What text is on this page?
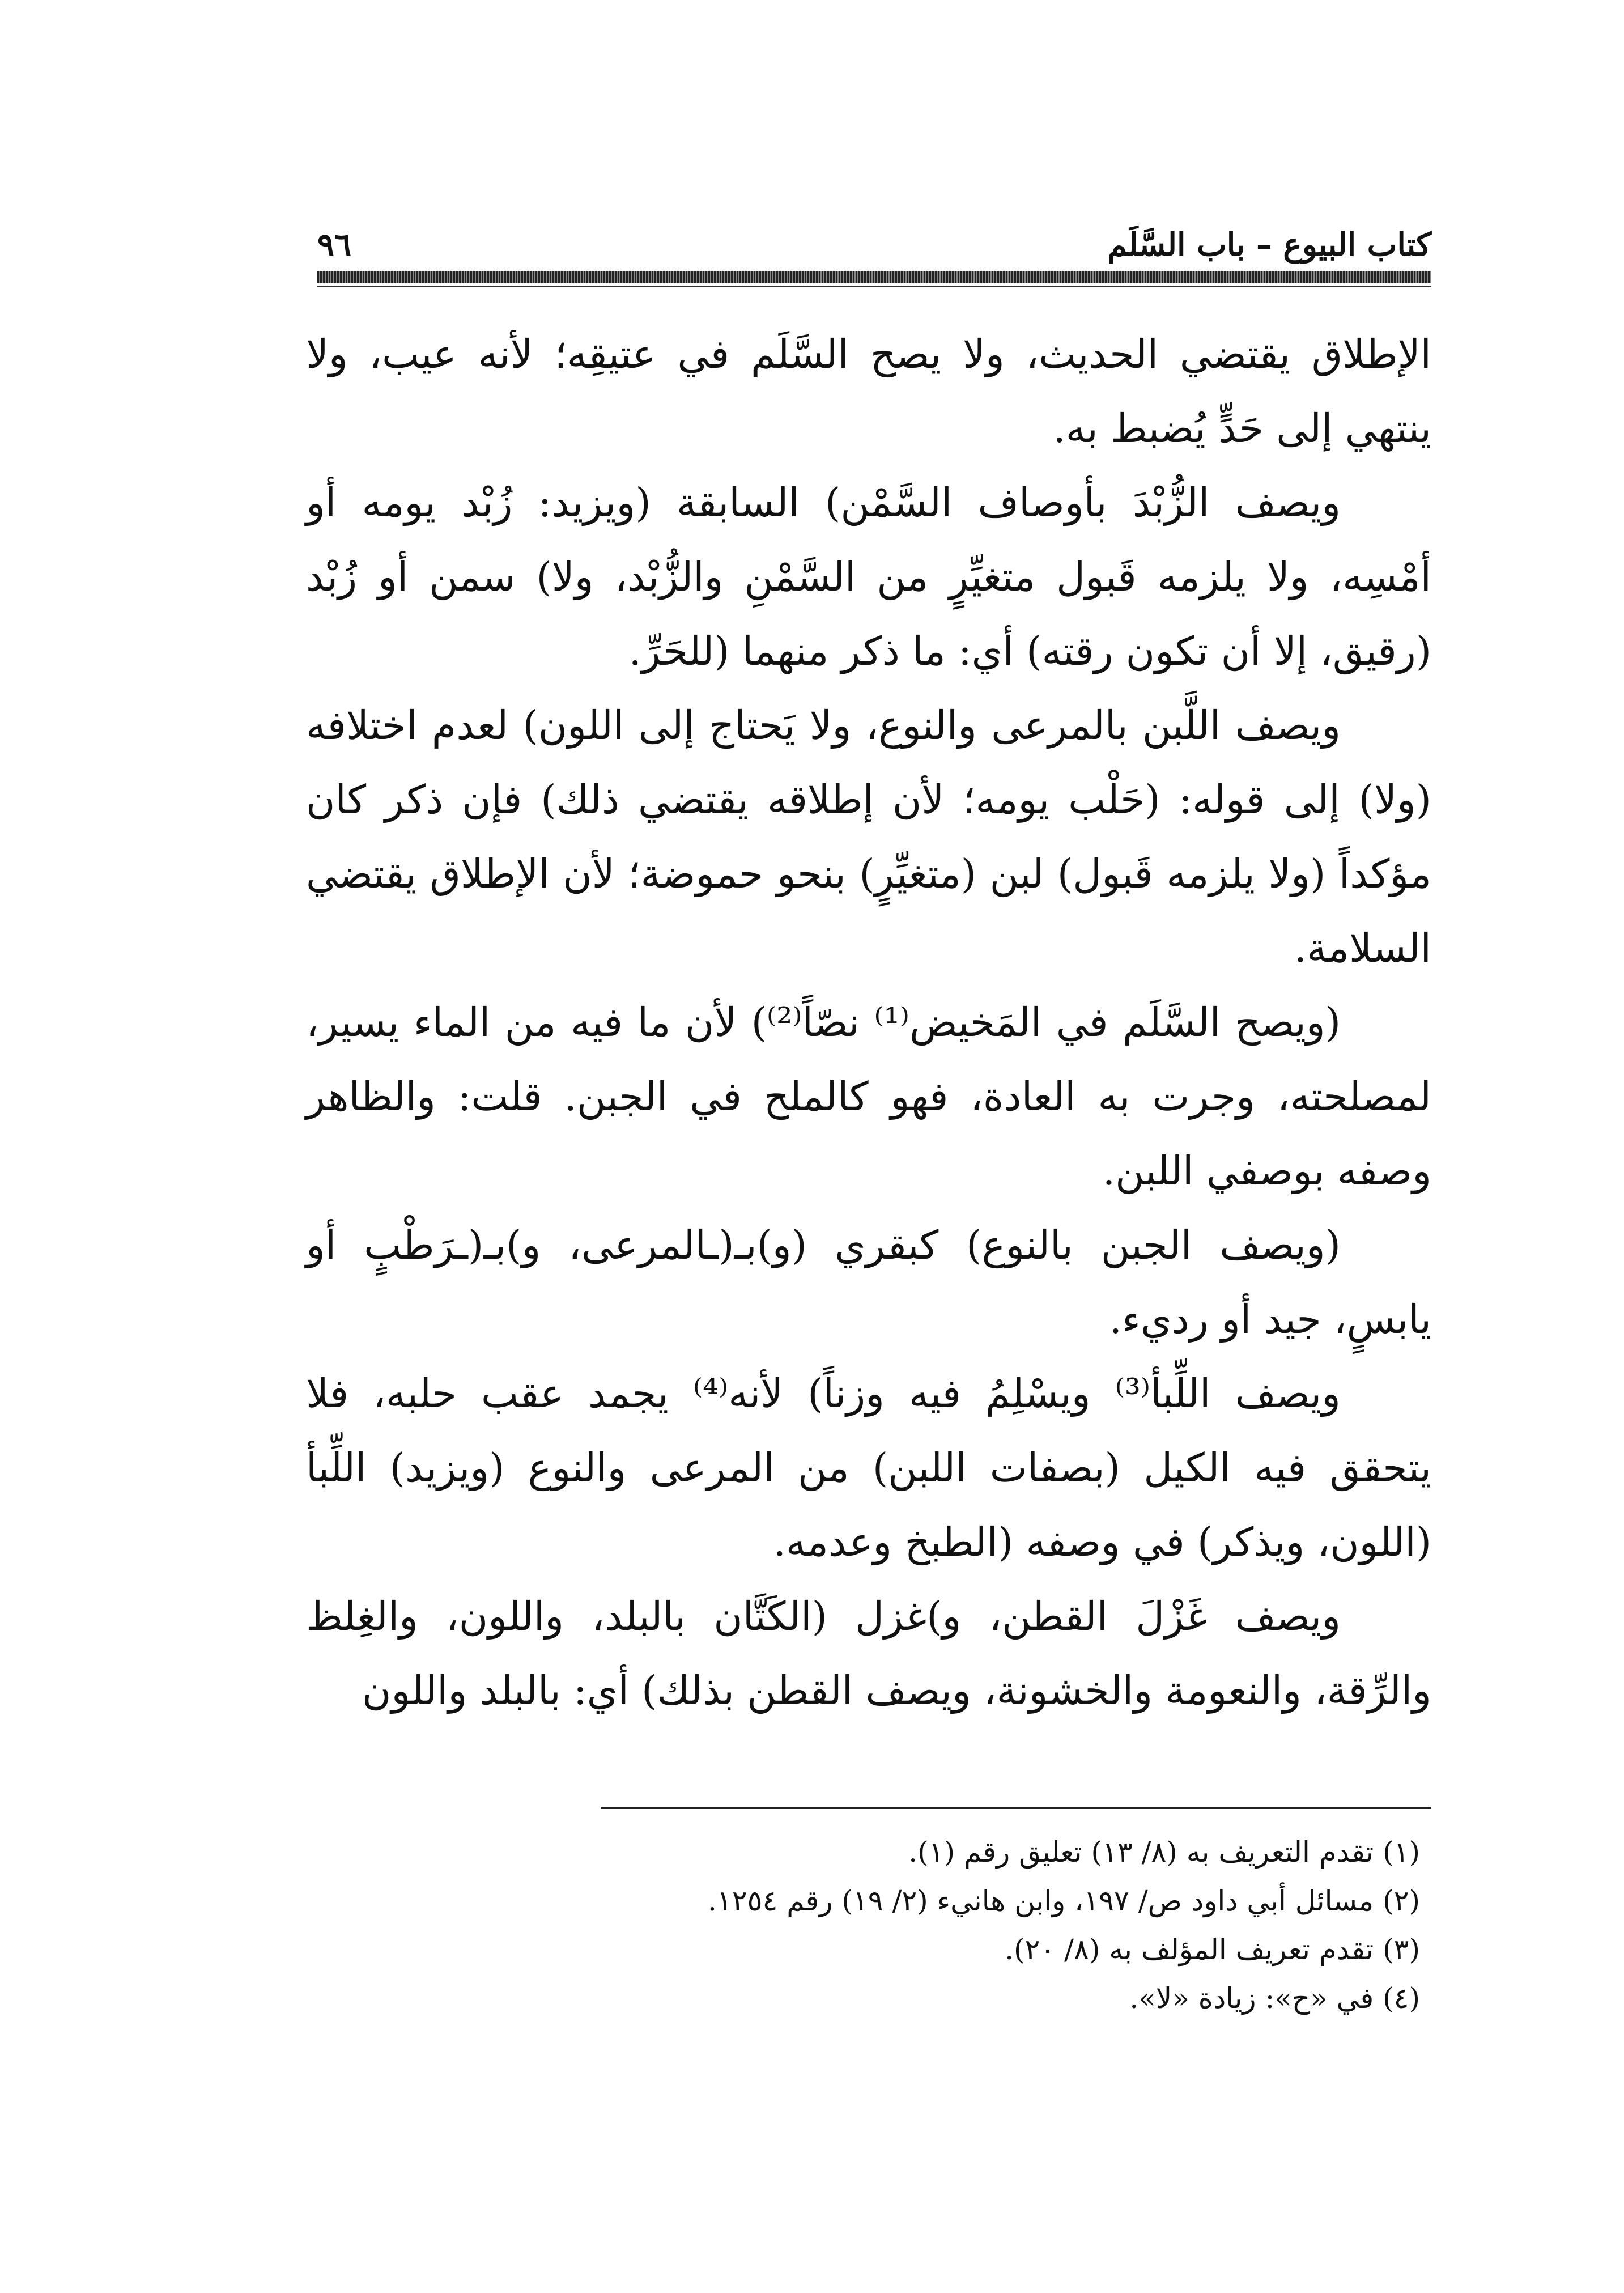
كتاب البيوع – باب السَّلَم
٩٦

الإطلاق يقتضي الحديث، ولا يصح السَّلَم في عتيقِه؛ لأنه عيب، ولا ينتهي إلى حَدٍّ يُضبط به.

ويصف الزُّبْدَ بأوصاف السَّمْن) السابقة (ويزيد: زُبْد يومه أو أمْسِه، ولا يلزمه قَبول متغيِّرٍ من السَّمْنِ والزُّبْد، ولا) سمن أو زُبْد (رقيق، إلا أن تكون رقته) أي: ما ذكر منهما (للحَرِّ.

ويصف اللَّبن بالمرعى والنوع، ولا يَحتاج إلى اللون) لعدم اختلافه (ولا) إلى قوله: (حَلْب يومه؛ لأن إطلاقه يقتضي ذلك) فإن ذكر كان مؤكداً (ولا يلزمه قَبول) لبن (متغيِّرٍ) بنحو حموضة؛ لأن الإطلاق يقتضي السلامة.

(ويصح السَّلَم في المَخيض⁽¹⁾ نصّاً⁽²⁾) لأن ما فيه من الماء يسير، لمصلحته، وجرت به العادة، فهو كالملح في الجبن. قلت: والظاهر وصفه بوصفي اللبن.

(ويصف الجبن بالنوع) كبقري (و)بـ(ـالمرعى، و)بـ(ـرَطْبٍ أو يابسٍ، جيد أو رديء.

ويصف اللِّبأ⁽³⁾ ويسْلِمُ فيه وزناً) لأنه⁽⁴⁾ يجمد عقب حلبه، فلا يتحقق فيه الكيل (بصفات اللبن) من المرعى والنوع (ويزيد) اللِّبأ (اللون، ويذكر) في وصفه (الطبخ وعدمه.

ويصف غَزْلَ القطن، و)غزل (الكَتَّان بالبلد، واللون، والغِلظ والرِّقة، والنعومة والخشونة، ويصف القطن بذلك) أي: بالبلد واللون

(١) تقدم التعريف به (٨/ ١٣) تعليق رقم (١).

(٢) مسائل أبي داود ص/ ١٩٧، وابن هانيء (٢/ ١٩) رقم ١٢٥٤.

(٣) تقدم تعريف المؤلف به (٨/ ٢٠).

(٤) في «ح»: زيادة «لا».
